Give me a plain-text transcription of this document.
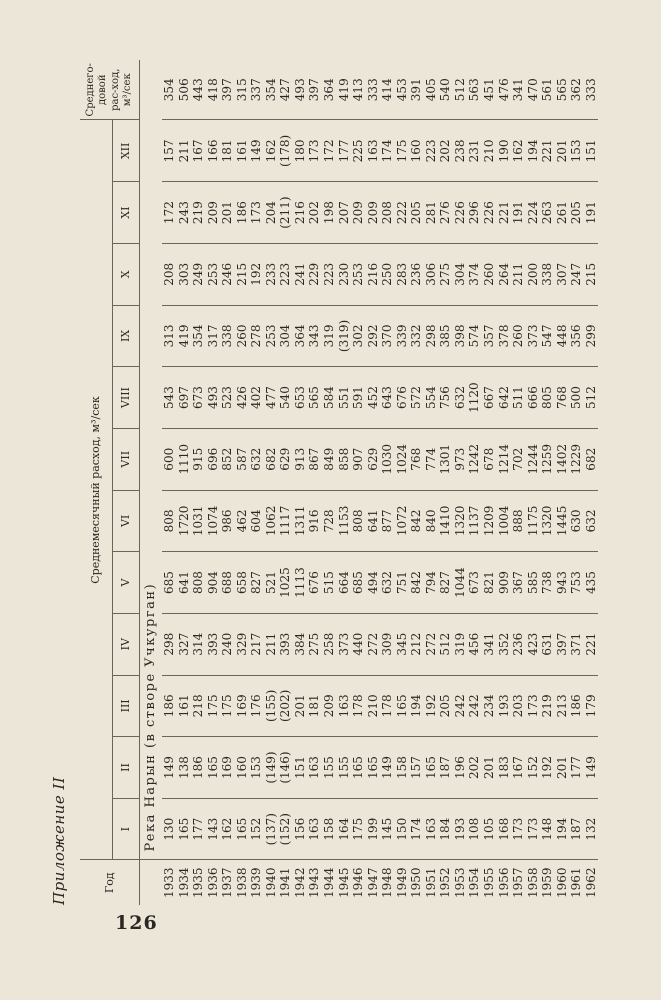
Приложение II	Год	Среднемесячный расход, м³/сек												Среднего-довой рас-ход, м³/сек
	I	II	III	IV	V	VI	VII	VIII	IX	X	XI	XII	
	Река Нарын (в створе Учкурган)												
1933	130	149	186	298	685	808	600	543	313	208	172	157	354
1934	165	138	161	327	641	1720	1110	697	419	303	243	211	506
1935	177	186	218	314	808	1031	915	673	354	249	219	167	443
1936	143	165	175	393	904	1074	696	493	317	253	209	166	418
1937	162	169	175	240	688	986	852	523	338	246	201	181	397
1938	165	160	169	329	658	462	587	426	260	215	186	161	315
1939	152	153	176	217	827	604	632	402	278	192	173	149	337
1940	(137)	(149)	(155)	211	521	1062	682	477	253	233	204	162	354
1941	(152)	(146)	(202)	393	1025	1117	629	540	304	223	(211)	(178)	427
1942	156	151	201	384	1113	1311	913	653	364	241	216	180	493
1943	163	163	181	275	676	916	867	565	343	229	202	173	397
1944	158	155	209	258	515	728	849	584	319	223	198	172	364
1945	164	155	163	373	664	1153	858	551	(319)	230	207	177	419
1946	175	165	178	440	685	808	907	591	302	253	209	225	413
1947	199	165	210	272	494	641	629	452	292	216	209	163	333
1948	145	149	178	309	632	877	1030	643	370	250	208	174	414
1949	150	158	165	345	751	1072	1024	676	339	283	222	175	453
1950	174	157	194	212	842	842	768	572	332	236	205	160	391
1951	163	165	192	272	794	840	774	554	298	306	281	223	405
1952	184	187	205	512	827	1410	1301	756	385	275	276	202	540
1953	193	196	242	319	1044	1320	973	632	398	304	226	238	512
1954	108	202	242	456	673	1137	1242	1120	574	374	296	231	563
1955	105	201	234	341	821	1209	678	667	357	260	226	210	451
1956	168	183	193	352	909	1004	1214	642	378	264	221	190	476
1957	173	167	203	236	367	888	702	511	260	211	191	162	341
1958	173	152	173	423	585	1175	1244	666	373	200	224	194	470
1959	148	192	219	631	738	1320	1259	805	547	338	263	221	561
1960	194	201	213	397	943	1445	1402	768	448	307	261	201	565
1961	187	177	186	371	753	630	1229	500	356	247	205	153	362
1962	132	149	179	221	435	632	682	512	299	215	191	151	333
126
